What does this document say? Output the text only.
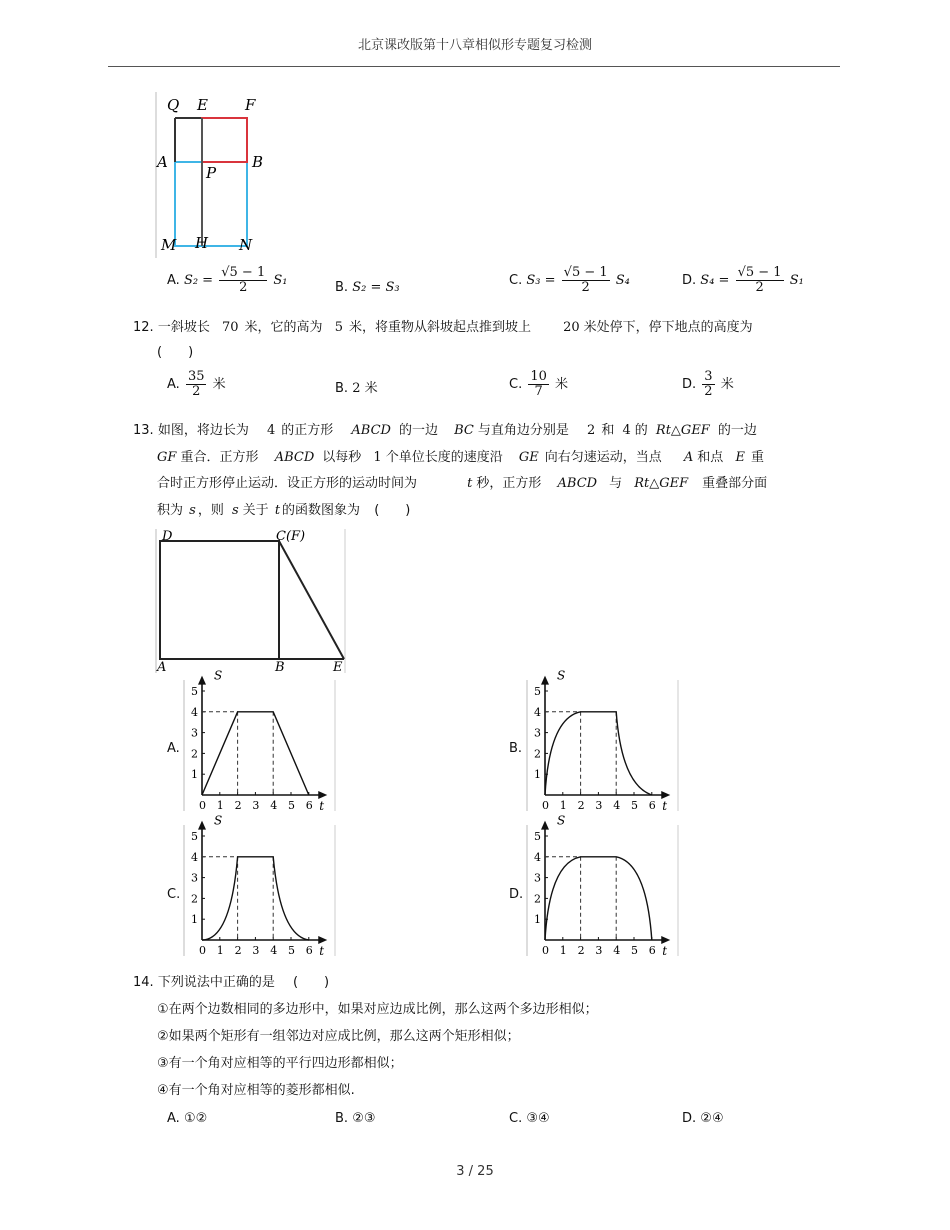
北京课改版第十八章相似形专题复习检测
Q E F
A	B
P
M H N
A. $S_2 = \frac{√5 - 1}{2} S_1$	B. S₂ = S₃	C. $S_3 = \frac{√5 - 1}{2} S_4$	D. $S_4 = \frac{√5 - 1}{2} S_1$
12. 一斜坡长 70 米，它的高为 5 米，将重物从斜坡起点推到坡上 20 米处停下，停下地点的高度为
(　　)
A. $\frac{35}{2}$ 米	B. 2 米	C. $\frac{10}{7}$ 米	D. $\frac{3}{2}$ 米
13. 如图，将边长为 4 的正方形 ABCD 的一边 BC 与直角边分别是 2 和 4 的 Rt△GEF 的一边
GF 重合．正方形 ABCD 以每秒 1 个单位长度的速度沿 GE 向右匀速运动，当点 A 和点 E 重
合时正方形停止运动．设正方形的运动时间为	t 秒，正方形 ABCD 与 Rt△GEF 重叠部分面
积为 s ，则 s 关于 t 的函数图象为 (　　)
D	C(F)
A	B	E
A.
S
t
0 1 2 3 4 5 6
1
2
3
4
5
B.
S
t
0 1 2 3 4 5 6
1
2
3
4
5
C.
S
t
0 1 2 3 4 5 6
1
2
3
4
5
D.
S
t
0 1 2 3 4 5 6
1
2
3
4
5
14. 下列说法中正确的是 (　　)
①在两个边数相同的多边形中，如果对应边成比例，那么这两个多边形相似；
②如果两个矩形有一组邻边对应成比例，那么这两个矩形相似；
③有一个角对应相等的平行四边形都相似；
④有一个角对应相等的菱形都相似.
A. ①②	B. ②③	C. ③④	D. ②④
3 / 25
